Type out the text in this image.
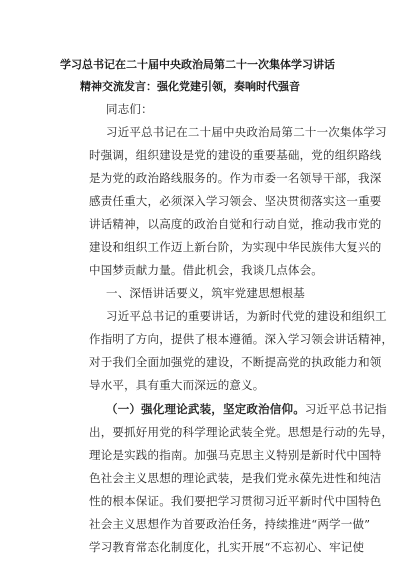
学习总书记在二十届中央政治局第二十一次集体学习讲话
精神交流发言：强化党建引领，奏响时代强音
同志们：
习近平总书记在二十届中央政治局第二十一次集体学习
时强调，组织建设是党的建设的重要基础，党的组织路线
是为党的政治路线服务的。作为市委一名领导干部，我深
感责任重大，必须深入学习领会、坚决贯彻落实这一重要
讲话精神，以高度的政治自觉和行动自觉，推动我市党的
建设和组织工作迈上新台阶，为实现中华民族伟大复兴的
中国梦贡献力量。借此机会，我谈几点体会。
一、深悟讲话要义，筑牢党建思想根基
习近平总书记的重要讲话，为新时代党的建设和组织工
作指明了方向，提供了根本遵循。深入学习领会讲话精神，
对于我们全面加强党的建设，不断提高党的执政能力和领
导水平，具有重大而深远的意义。
（一）强化理论武装，坚定政治信仰。习近平总书记指
出，要抓好用党的科学理论武装全党。思想是行动的先导，
理论是实践的指南。加强马克思主义特别是新时代中国特
色社会主义思想的理论武装，是我们党永葆先进性和纯洁
性的根本保证。我们要把学习贯彻习近平新时代中国特色
社会主义思想作为首要政治任务，持续推进“两学一做”
学习教育常态化制度化，扎实开展“不忘初心、牢记使
